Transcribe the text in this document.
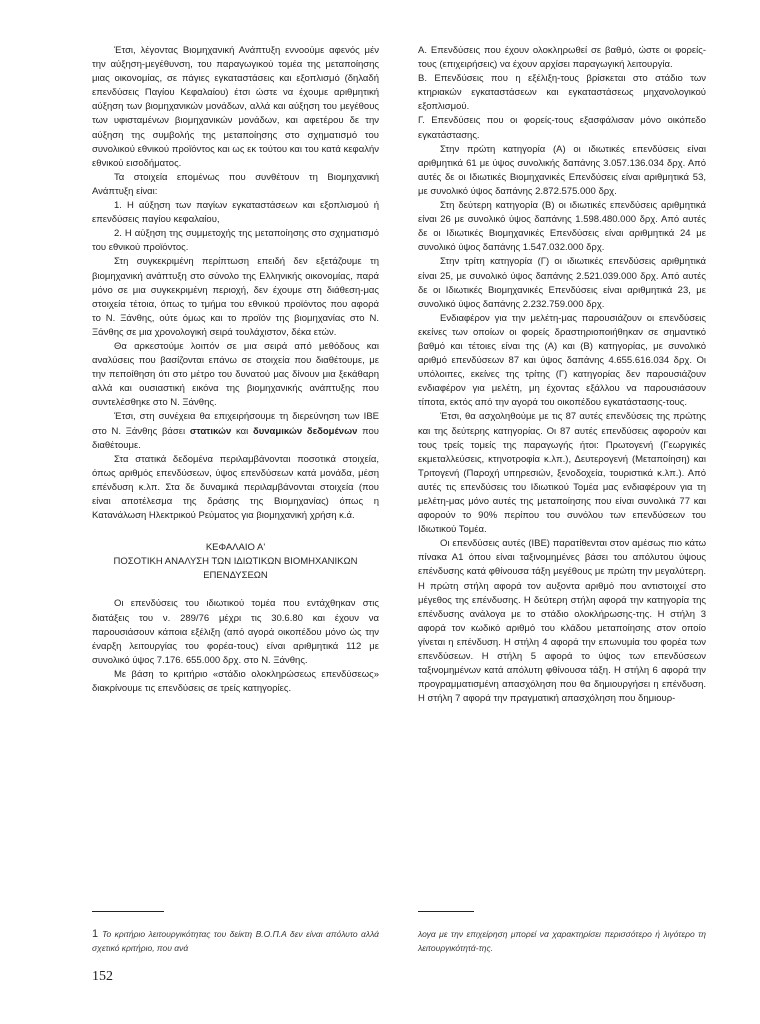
Έτσι, λέγοντας Βιομηχανική Ανάπτυξη εννοούμε αφενός μέν την αύξηση-μεγέθυνση, του παραγωγικού τομέα της μεταποίησης μιας οικονομίας, σε πάγιες εγκαταστάσεις και εξοπλισμό (δηλαδή επενδύσεις Παγίου Κεφαλαίου) έτσι ώστε να έχουμε αριθμητική αύξηση των βιομηχανικών μονάδων, αλλά και αύξηση του μεγέθους των υφισταμένων βιομηχανικών μονάδων, και αφετέρου δε την αύξηση της συμβολής της μεταποίησης στο σχηματισμό του συνολικού εθνικού προϊόντος και ως εκ τούτου και του κατά κεφαλήν εθνικού εισοδήματος.

Τα στοιχεία επομένως που συνθέτουν τη Βιομηχανική Ανάπτυξη είναι:

1. Η αύξηση των παγίων εγκαταστάσεων και εξοπλισμού ή επενδύσεις παγίου κεφαλαίου,

2. Η αύξηση της συμμετοχής της μεταποίησης στο σχηματισμό του εθνικού προϊόντος.

Στη συγκεκριμένη περίπτωση επειδή δεν εξετάζουμε τη βιομηχανική ανάπτυξη στο σύνολο της Ελληνικής οικονομίας, παρά μόνο σε μια συγκεκριμένη περιοχή, δεν έχουμε στη διάθεση-μας στοιχεία τέτοια, όπως το τμήμα του εθνικού προϊόντος που αφορά το Ν. Ξάνθης, ούτε όμως και το προϊόν της βιομηχανίας στο Ν. Ξάνθης σε μια χρονολογική σειρά τουλάχιστον, δέκα ετών.

Θα αρκεστούμε λοιπόν σε μια σειρά από μεθόδους και αναλύσεις που βασίζονται επάνω σε στοιχεία που διαθέτουμε, με την πεποίθηση ότι στο μέτρο του δυνατού μας δίνουν μια ξεκάθαρη αλλά και ουσιαστική εικόνα της βιομηχανικής ανάπτυξης που συντελέσθηκε στο Ν. Ξάνθης.

Έτσι, στη συνέχεια θα επιχειρήσουμε τη διερεύνηση των ΙΒΕ στο Ν. Ξάνθης βάσει στατικών και δυναμικών δεδομένων που διαθέτουμε.

Στα στατικά δεδομένα περιλαμβάνονται ποσοτικά στοιχεία, όπως αριθμός επενδύσεων, ύψος επενδύσεων κατά μονάδα, μέση επένδυση κ.λπ. Στα δε δυναμικά περιλαμβάνονται στοιχεία (που είναι αποτέλεσμα της δράσης της Βιομηχανίας) όπως η Κατανάλωση Ηλεκτρικού Ρεύματος για βιομηχανική χρήση κ.ά.

ΚΕΦΑΛΑΙΟ Α'

ΠΟΣΟΤΙΚΗ ΑΝΑΛΥΣΗ ΤΩΝ ΙΔΙΩΤΙΚΩΝ ΒΙΟΜΗΧΑΝΙΚΩΝ ΕΠΕΝΔΥΣΕΩΝ

Οι επενδύσεις του ιδιωτικού τομέα που εντάχθηκαν στις διατάξεις του ν. 289/76 μέχρι τις 30.6.80 και έχουν να παρουσιάσουν κάποια εξέλιξη (από αγορά οικοπέδου μόνο ώς την έναρξη λειτουργίας του φορέα-τους) είναι αριθμητικά 112 με συνολικό ύψος 7.176. 655.000 δρχ. στο Ν. Ξάνθης.

Με βάση το κριτήριο «στάδιο ολοκληρώσεως επενδύσεως» διακρίνουμε τις επενδύσεις σε τρείς κατηγορίες.

Α. Επενδύσεις που έχουν ολοκληρωθεί σε βαθμό, ώστε οι φορείς-τους (επιχειρήσεις) να έχουν αρχίσει παραγωγική λειτουργία.

Β. Επενδύσεις που η εξέλιξη-τους βρίσκεται στο στάδιο των κτηριακών εγκαταστάσεων και εγκαταστάσεως μηχανολογικού εξοπλισμού.

Γ. Επενδύσεις που οι φορείς-τους εξασφάλισαν μόνο οικόπεδο εγκατάστασης.

Στην πρώτη κατηγορία (Α) οι ιδιωτικές επενδύσεις είναι αριθμητικά 61 με ύψος συνολικής δαπάνης 3.057.136.034 δρχ. Από αυτές δε οι Ιδιωτικές Βιομηχανικές Επενδύσεις είναι αριθμητικά 53, με συνολικό ύψος δαπάνης 2.872.575.000 δρχ.

Στη δεύτερη κατηγορία (Β) οι ιδιωτικές επενδύσεις αριθμητικά είναι 26 με συνολικό ύψος δαπάνης 1.598.480.000 δρχ. Από αυτές δε οι Ιδιωτικές Βιομηχανικές Επενδύσεις είναι αριθμητικά 24 με συνολικό ύψος δαπάνης 1.547.032.000 δρχ.

Στην τρίτη κατηγορία (Γ) οι ιδιωτικές επενδύσεις αριθμητικά είναι 25, με συνολικό ύψος δαπάνης 2.521.039.000 δρχ. Από αυτές δε οι Ιδιωτικές Βιομηχανικές Επενδύσεις είναι αριθμητικά 23, με συνολικό ύψος δαπάνης 2.232.759.000 δρχ.

Ενδιαφέρον για την μελέτη-μας παρουσιάζουν οι επενδύσεις εκείνες των οποίων οι φορείς δραστηριοποιήθηκαν σε σημαντικό βαθμό και τέτοιες είναι της (Α) και (Β) κατηγορίας, με συνολικό αριθμό επενδύσεων 87 και ύψος δαπάνης 4.655.616.034 δρχ. Οι υπόλοιπες, εκείνες της τρίτης (Γ) κατηγορίας δεν παρουσιάζουν ενδιαφέρον για μελέτη, μη έχοντας εξάλλου να παρουσιάσουν τίποτα, εκτός από την αγορά του οικοπέδου εγκατάστασης-τους.

Έτσι, θα ασχοληθούμε με τις 87 αυτές επενδύσεις της πρώτης και της δεύτερης κατηγορίας. Οι 87 αυτές επενδύσεις αφορούν και τους τρείς τομείς της παραγωγής ήτοι: Πρωτογενή (Γεωργικές εκμεταλλεύσεις, κτηνοτροφία κ.λπ.), Δευτερογενή (Μεταποίηση) και Τριτογενή (Παροχή υπηρεσιών, ξενοδοχεία, τουριστικά κ.λπ.). Από αυτές τις επενδύσεις του Ιδιωτικού Τομέα μας ενδιαφέρουν για τη μελέτη-μας μόνο αυτές της μεταποίησης που είναι συνολικά 77 και αφορούν το 90% περίπου του συνόλου των επενδύσεων του Ιδιωτικού Τομέα.

Οι επενδύσεις αυτές (ΙΒΕ) παρατίθενται στον αμέσως πιο κάτω πίνακα Α1 όπου είναι ταξινομημένες βάσει του απόλυτου ύψους επένδυσης κατά φθίνουσα τάξη μεγέθους με πρώτη την μεγαλύτερη. Η πρώτη στήλη αφορά τον αυξοντα αριθμό που αντιστοιχεί στο μέγεθος της επένδυσης. Η δεύτερη στήλη αφορά την κατηγορία της επένδυσης ανάλογα με το στάδιο ολοκλήρωσης-της. Η στήλη 3 αφορά τον κωδικό αριθμό του κλάδου μεταποίησης στον οποίο γίνεται η επένδυση. Η στήλη 4 αφορά την επωνυμία του φορέα των επενδύσεων. Η στήλη 5 αφορά το ύψος των επενδύσεων ταξινομημένων κατά απόλυτη φθίνουσα τάξη. Η στήλη 6 αφορά την προγραμματισμένη απασχόληση που θα δημιουργήσει η επένδυση. Η στήλη 7 αφορά την πραγματική απασχόληση που δημιουρ-

1 Το κριτήριο λειτουργικότητας του δείκτη Β.Ο.Π.Α δεν είναι απόλυτο αλλά σχετικό κριτήριο, που ανά
λογα με την επιχείρηση μπορεί να χαρακτηρίσει περισσότερο ή λιγότερο τη λειτουργικότητά-της.
152
